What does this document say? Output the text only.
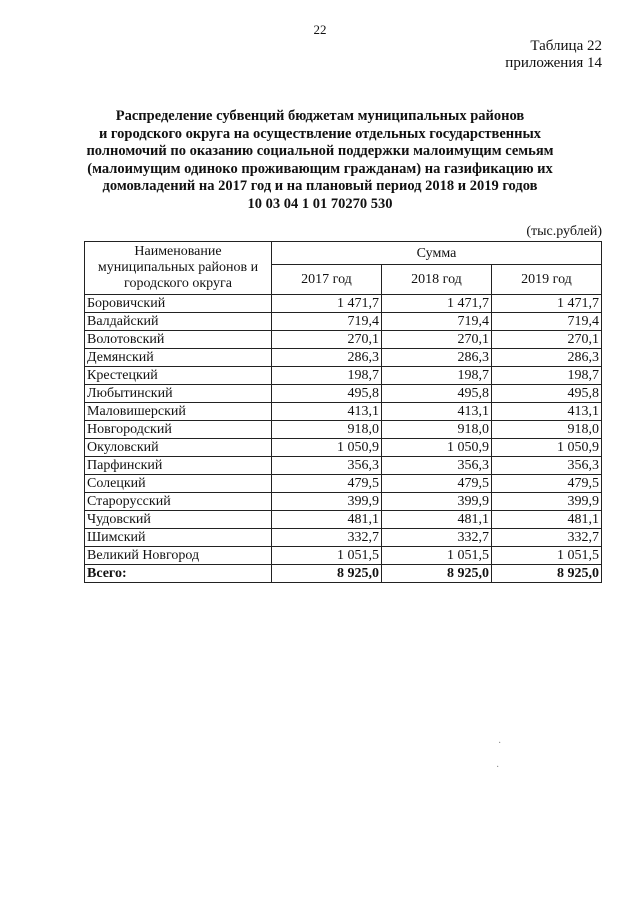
22
Таблица 22
приложения 14
Распределение субвенций бюджетам муниципальных районов
и городского округа на осуществление отдельных государственных
полномочий по оказанию социальной поддержки малоимущим семьям
(малоимущим одиноко проживающим гражданам) на газификацию их
домовладений на 2017 год и на плановый период 2018 и 2019 годов
10 03 04 1 01 70270 530
(тыс.рублей)
Наименование
муниципальных районов и
городского округа	Сумма		
	2017 год	2018 год	2019 год
Боровичский	1 471,7	1 471,7	1 471,7
Валдайский	719,4	719,4	719,4
Волотовский	270,1	270,1	270,1
Демянский	286,3	286,3	286,3
Крестецкий	198,7	198,7	198,7
Любытинский	495,8	495,8	495,8
Маловишерский	413,1	413,1	413,1
Новгородский	918,0	918,0	918,0
Окуловский	1 050,9	1 050,9	1 050,9
Парфинский	356,3	356,3	356,3
Солецкий	479,5	479,5	479,5
Старорусский	399,9	399,9	399,9
Чудовский	481,1	481,1	481,1
Шимский	332,7	332,7	332,7
Великий Новгород	1 051,5	1 051,5	1 051,5
Всего:	8 925,0	8 925,0	8 925,0
·
·
